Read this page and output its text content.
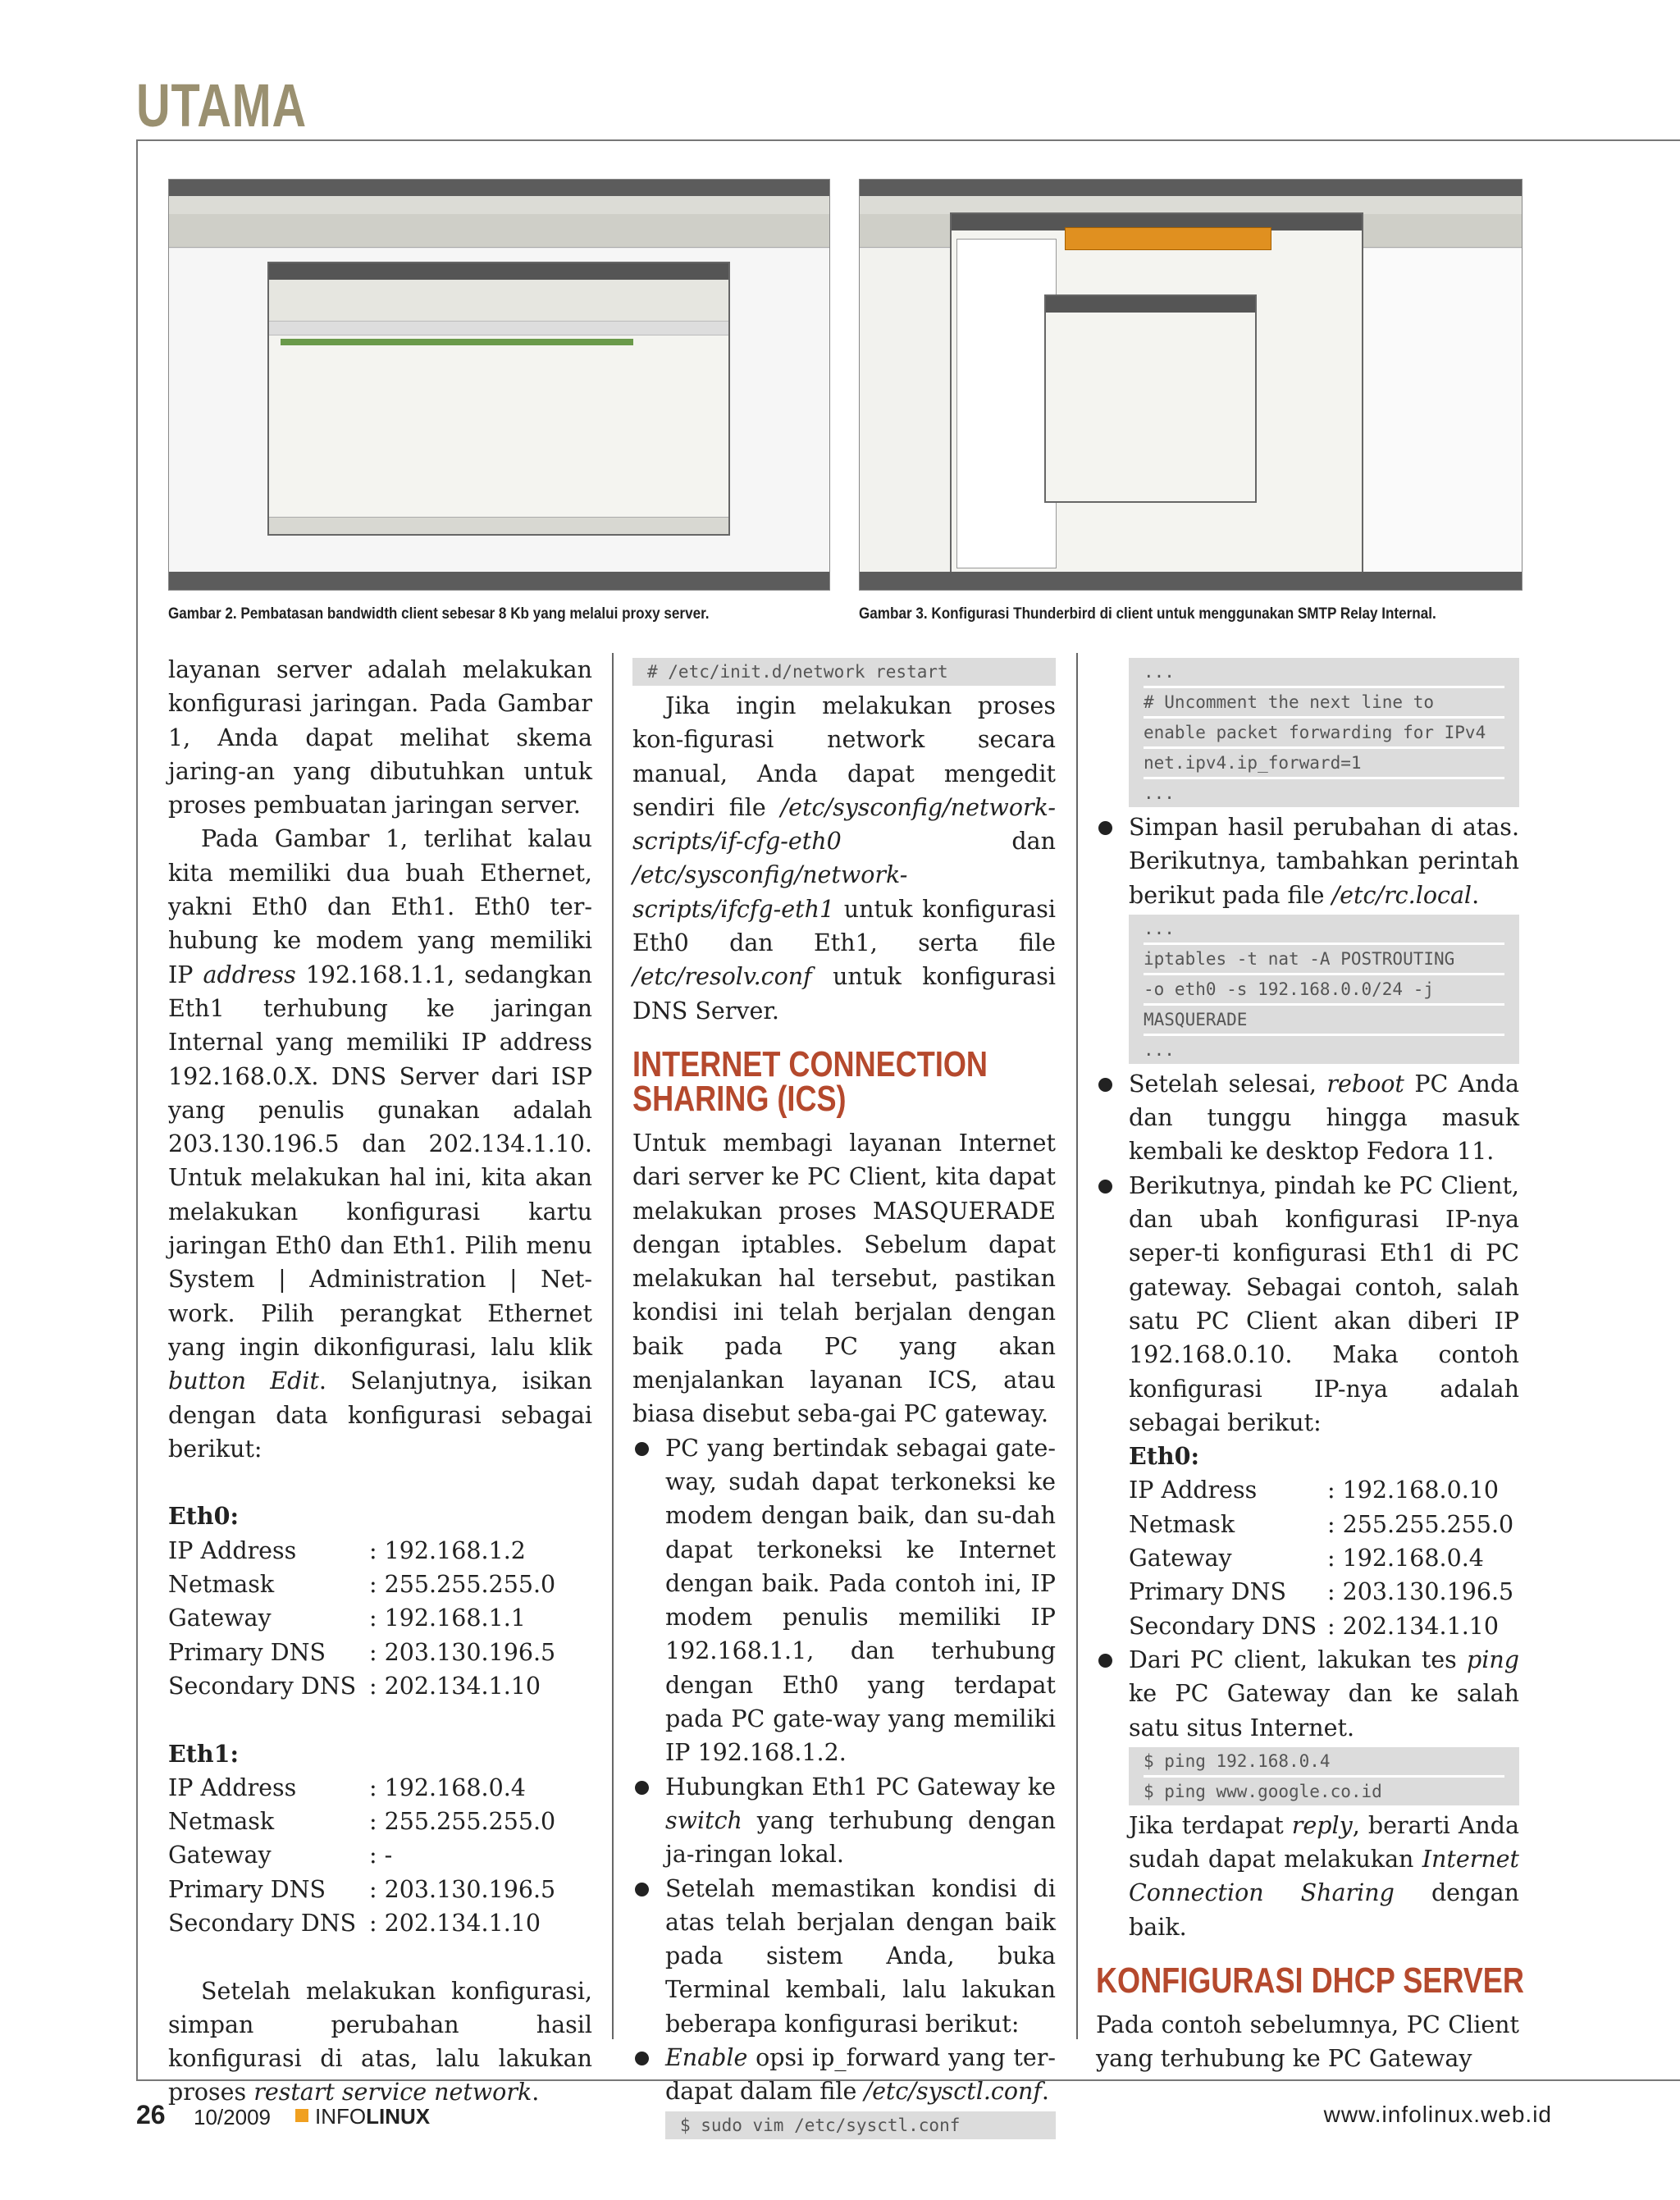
UTAMA
Gambar 2. Pembatasan bandwidth client sebesar 8 Kb yang melalui proxy server.	Gambar 3. Konfigurasi Thunderbird di client untuk menggunakan SMTP Relay Internal.

layanan server adalah melakukan konfigurasi jaringan. Pada Gambar 1, Anda dapat melihat skema jaring-an yang dibutuhkan untuk proses pembuatan jaringan server.

Pada Gambar 1, terlihat kalau kita memiliki dua buah Ethernet, yakni Eth0 dan Eth1. Eth0 ter-hubung ke modem yang memiliki IP address 192.168.1.1, sedangkan Eth1 terhubung ke jaringan Internal yang memiliki IP address 192.168.0.X. DNS Server dari ISP yang penulis gunakan adalah 203.130.196.5 dan 202.134.1.10. Untuk melakukan hal ini, kita akan melakukan konfigurasi kartu jaringan Eth0 dan Eth1. Pilih menu System | Administration | Net-work. Pilih perangkat Ethernet yang ingin dikonfigurasi, lalu klik button Edit. Selanjutnya, isikan dengan data konfigurasi sebagai berikut:

Eth0:
IP Address	: 192.168.1.2
Netmask	: 255.255.255.0
Gateway	: 192.168.1.1
Primary DNS	: 203.130.196.5
Secondary DNS : 202.134.1.10
Eth1:
IP Address	: 192.168.0.4
Netmask	: 255.255.255.0
Gateway	: -
Primary DNS	: 203.130.196.5
Secondary DNS : 202.134.1.10

Setelah melakukan konfigurasi, simpan perubahan hasil konfigurasi di atas, lalu lakukan proses restart service network.

# /etc/init.d/network restart

Jika ingin melakukan proses kon-figurasi network secara manual, Anda dapat mengedit sendiri file /etc/sysconfig/network-scripts/if-cfg-eth0 dan /etc/sysconfig/network-scripts/ifcfg-eth1 untuk konfigurasi Eth0 dan Eth1, serta file /etc/resolv.conf untuk konfigurasi DNS Server.

INTERNET CONNECTION SHARING (ICS)

Untuk membagi layanan Internet dari server ke PC Client, kita dapat melakukan proses MASQUERADE dengan iptables. Sebelum dapat melakukan hal tersebut, pastikan kondisi ini telah berjalan dengan baik pada PC yang akan menjalankan layanan ICS, atau biasa disebut seba-gai PC gateway.

PC yang bertindak sebagai gate-way, sudah dapat terkoneksi ke modem dengan baik, dan su-dah dapat terkoneksi ke Internet dengan baik. Pada contoh ini, IP modem penulis memiliki IP 192.168.1.1, dan terhubung dengan Eth0 yang terdapat pada PC gate-way yang memiliki IP 192.168.1.2.
Hubungkan Eth1 PC Gateway ke switch yang terhubung dengan ja-ringan lokal.
Setelah memastikan kondisi di atas telah berjalan dengan baik pada sistem Anda, buka Terminal kembali, lalu lakukan beberapa konfigurasi berikut:
Enable opsi ip_forward yang ter-dapat dalam file /etc/sysctl.conf.
$ sudo vim /etc/sysctl.conf
...
# Uncomment the next line to
enable packet forwarding for IPv4
net.ipv4.ip_forward=1
...
Simpan hasil perubahan di atas. Berikutnya, tambahkan perintah berikut pada file /etc/rc.local.
...
iptables -t nat -A POSTROUTING
-o eth0 -s 192.168.0.0/24 -j
MASQUERADE
...
Setelah selesai, reboot PC Anda dan tunggu hingga masuk kembali ke desktop Fedora 11.
Berikutnya, pindah ke PC Client, dan ubah konfigurasi IP-nya seper-ti konfigurasi Eth1 di PC gateway. Sebagai contoh, salah satu PC Client akan diberi IP 192.168.0.10. Maka contoh konfigurasi IP-nya adalah sebagai berikut:
Eth0:
IP Address	: 192.168.0.10
Netmask	: 255.255.255.0
Gateway	: 192.168.0.4
Primary DNS	: 203.130.196.5
Secondary DNS : 202.134.1.10
Dari PC client, lakukan tes ping ke PC Gateway dan ke salah satu situs Internet.
$ ping 192.168.0.4
$ ping www.google.co.id

Jika terdapat reply, berarti Anda sudah dapat melakukan Internet Connection Sharing dengan baik.

KONFIGURASI DHCP SERVER

Pada contoh sebelumnya, PC Client yang terhubung ke PC Gateway

26 10/2009 INFOLINUX	www.infolinux.web.id
